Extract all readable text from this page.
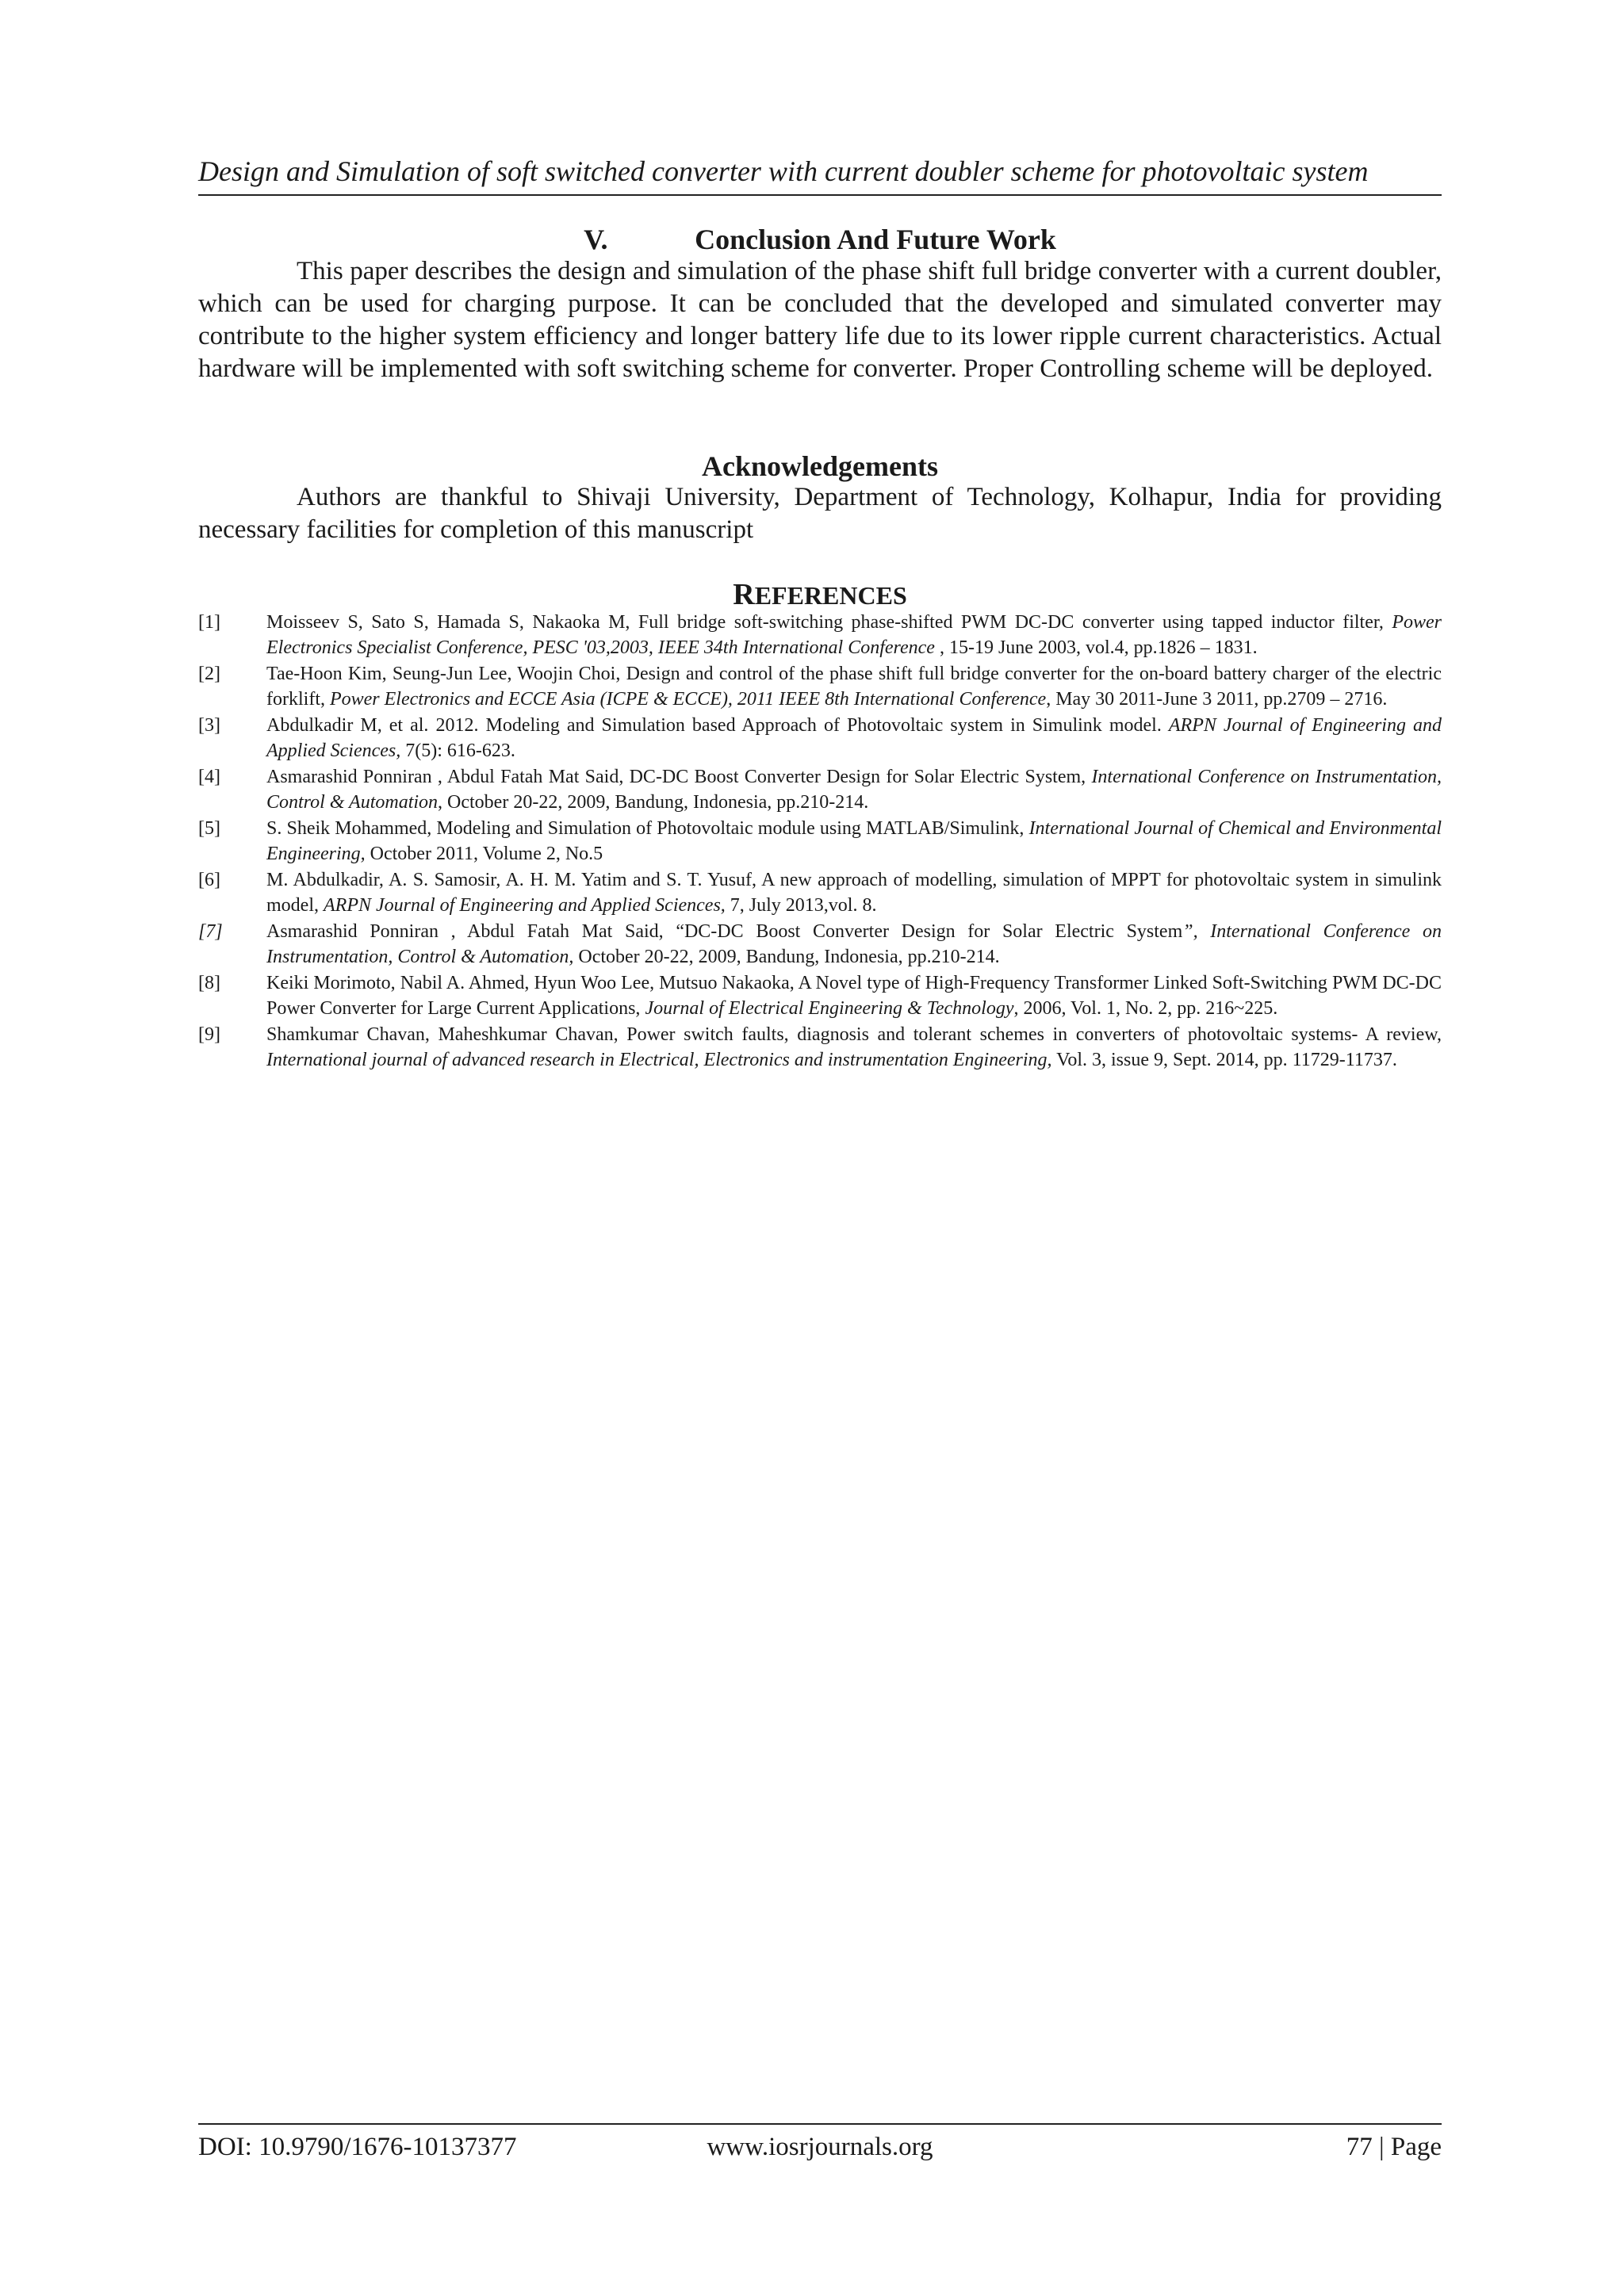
Design and Simulation of soft switched converter with current doubler scheme for photovoltaic system
V.	Conclusion And Future Work
This paper describes the design and simulation of the phase shift full bridge converter with a current doubler, which can be used for charging purpose. It can be concluded that the developed and simulated converter may contribute to the higher system efficiency and longer battery life due to its lower ripple current characteristics. Actual hardware will be implemented with soft switching scheme for converter. Proper Controlling scheme will be deployed.
Acknowledgements
Authors are thankful to Shivaji University, Department of Technology, Kolhapur, India for providing necessary facilities for completion of this manuscript
REFERENCES
[1]	Moisseev S, Sato S, Hamada S, Nakaoka M, Full bridge soft-switching phase-shifted PWM DC-DC converter using tapped inductor filter, Power Electronics Specialist Conference, PESC '03,2003, IEEE 34th International Conference , 15-19 June 2003, vol.4, pp.1826 – 1831.
[2]	Tae-Hoon Kim, Seung-Jun Lee, Woojin Choi, Design and control of the phase shift full bridge converter for the on-board battery charger of the electric forklift, Power Electronics and ECCE Asia (ICPE & ECCE), 2011 IEEE 8th International Conference, May 30 2011-June 3 2011, pp.2709 – 2716.
[3]	Abdulkadir M, et al. 2012. Modeling and Simulation based Approach of Photovoltaic system in Simulink model. ARPN Journal of Engineering and Applied Sciences, 7(5): 616-623.
[4]	Asmarashid Ponniran , Abdul Fatah Mat Said, DC-DC Boost Converter Design for Solar Electric System, International Conference on Instrumentation, Control & Automation, October 20-22, 2009, Bandung, Indonesia, pp.210-214.
[5]	S. Sheik Mohammed, Modeling and Simulation of Photovoltaic module using MATLAB/Simulink, International Journal of Chemical and Environmental Engineering, October 2011, Volume 2, No.5
[6]	M. Abdulkadir, A. S. Samosir, A. H. M. Yatim and S. T. Yusuf, A new approach of modelling, simulation of MPPT for photovoltaic system in simulink model, ARPN Journal of Engineering and Applied Sciences, 7, July 2013,vol. 8.
[7]	Asmarashid Ponniran , Abdul Fatah Mat Said, “DC-DC Boost Converter Design for Solar Electric System”, International Conference on Instrumentation, Control & Automation, October 20-22, 2009, Bandung, Indonesia, pp.210-214.
[8]	Keiki Morimoto, Nabil A. Ahmed, Hyun Woo Lee, Mutsuo Nakaoka, A Novel type of High-Frequency Transformer Linked Soft-Switching PWM DC-DC Power Converter for Large Current Applications, Journal of Electrical Engineering & Technology, 2006, Vol. 1, No. 2, pp. 216~225.
[9]	Shamkumar Chavan, Maheshkumar Chavan, Power switch faults, diagnosis and tolerant schemes in converters of photovoltaic systems- A review, International journal of advanced research in Electrical, Electronics and instrumentation Engineering, Vol. 3, issue 9, Sept. 2014, pp. 11729-11737.
DOI: 10.9790/1676-10137377	www.iosrjournals.org	77 | Page
